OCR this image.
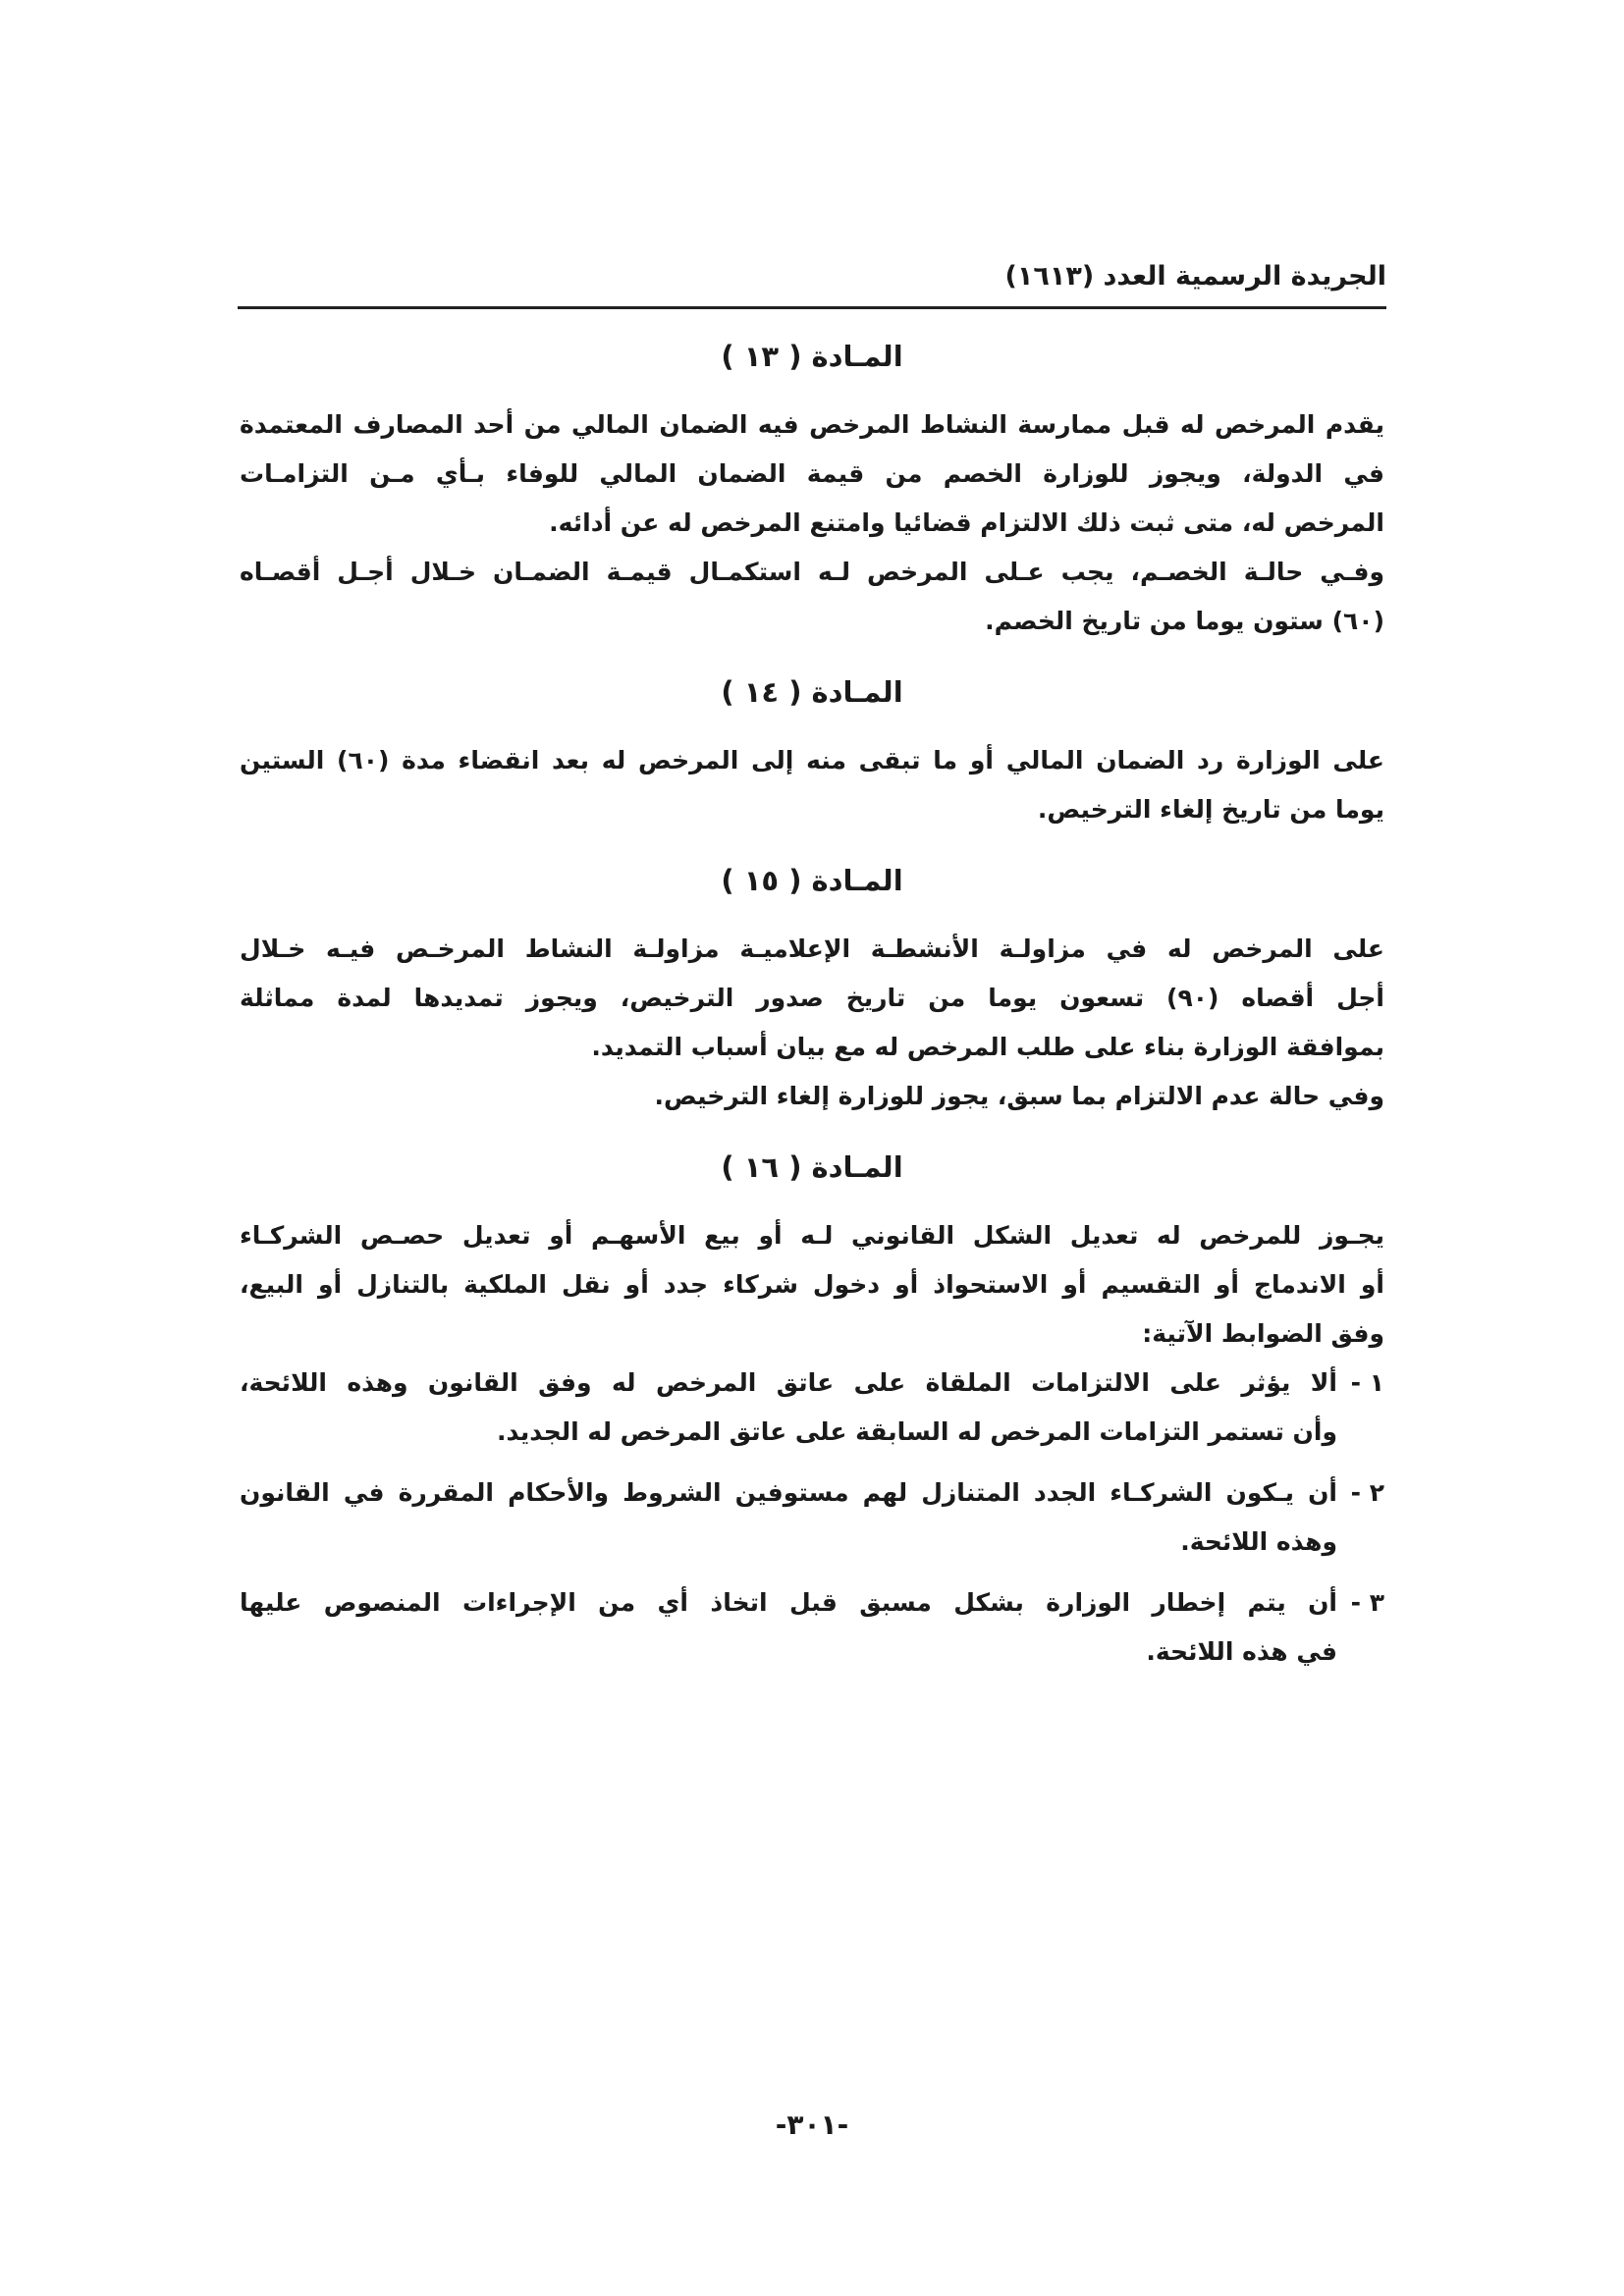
الجريدة الرسمية العدد (١٦١٣)
المـادة ( ١٣ )

يقدم المرخص له قبل ممارسة النشاط المرخص فيه الضمان المالي من أحد المصارف المعتمدة
في الدولة، ويجوز للوزارة الخصم من قيمة الضمان المالي للوفاء بـأي مـن التزامـات
المرخص له، متى ثبت ذلك الالتزام قضائيا وامتنع المرخص له عن أدائه.

وفـي حالـة الخصـم، يجب عـلى المرخص لـه استكمـال قيمـة الضمـان خـلال أجـل أقصـاه
(٦٠) ستون يوما من تاريخ الخصم.

المـادة ( ١٤ )

على الوزارة رد الضمان المالي أو ما تبقى منه إلى المرخص له بعد انقضاء مدة (٦٠) الستين
يوما من تاريخ إلغاء الترخيص.

المـادة ( ١٥ )

على المرخص له في مزاولـة الأنشطـة الإعلاميـة مزاولـة النشاط المرخـص فيـه خـلال
أجل أقصاه (٩٠) تسعون يوما من تاريخ صدور الترخيص، ويجوز تمديدها لمدة مماثلة
بموافقة الوزارة بناء على طلب المرخص له مع بيان أسباب التمديد.

وفي حالة عدم الالتزام بما سبق، يجوز للوزارة إلغاء الترخيص.

المـادة ( ١٦ )

يجـوز للمرخص له تعديل الشكل القانوني لـه أو بيع الأسهـم أو تعديل حصـص الشركـاء
أو الاندماج أو التقسيم أو الاستحواذ أو دخول شركاء جدد أو نقل الملكية بالتنازل أو البيع،
وفق الضوابط الآتية:

١ -
ألا يؤثر على الالتزامات الملقاة على عاتق المرخص له وفق القانون وهذه اللائحة،
وأن تستمر التزامات المرخص له السابقة على عاتق المرخص له الجديد.
٢ -
أن يـكون الشركـاء الجدد المتنازل لهم مستوفين الشروط والأحكام المقررة في القانون
وهذه اللائحة.
٣ -
أن يتم إخطار الوزارة بشكل مسبق قبل اتخاذ أي من الإجراءات المنصوص عليها
في هذه اللائحة.
-٣٠١-
